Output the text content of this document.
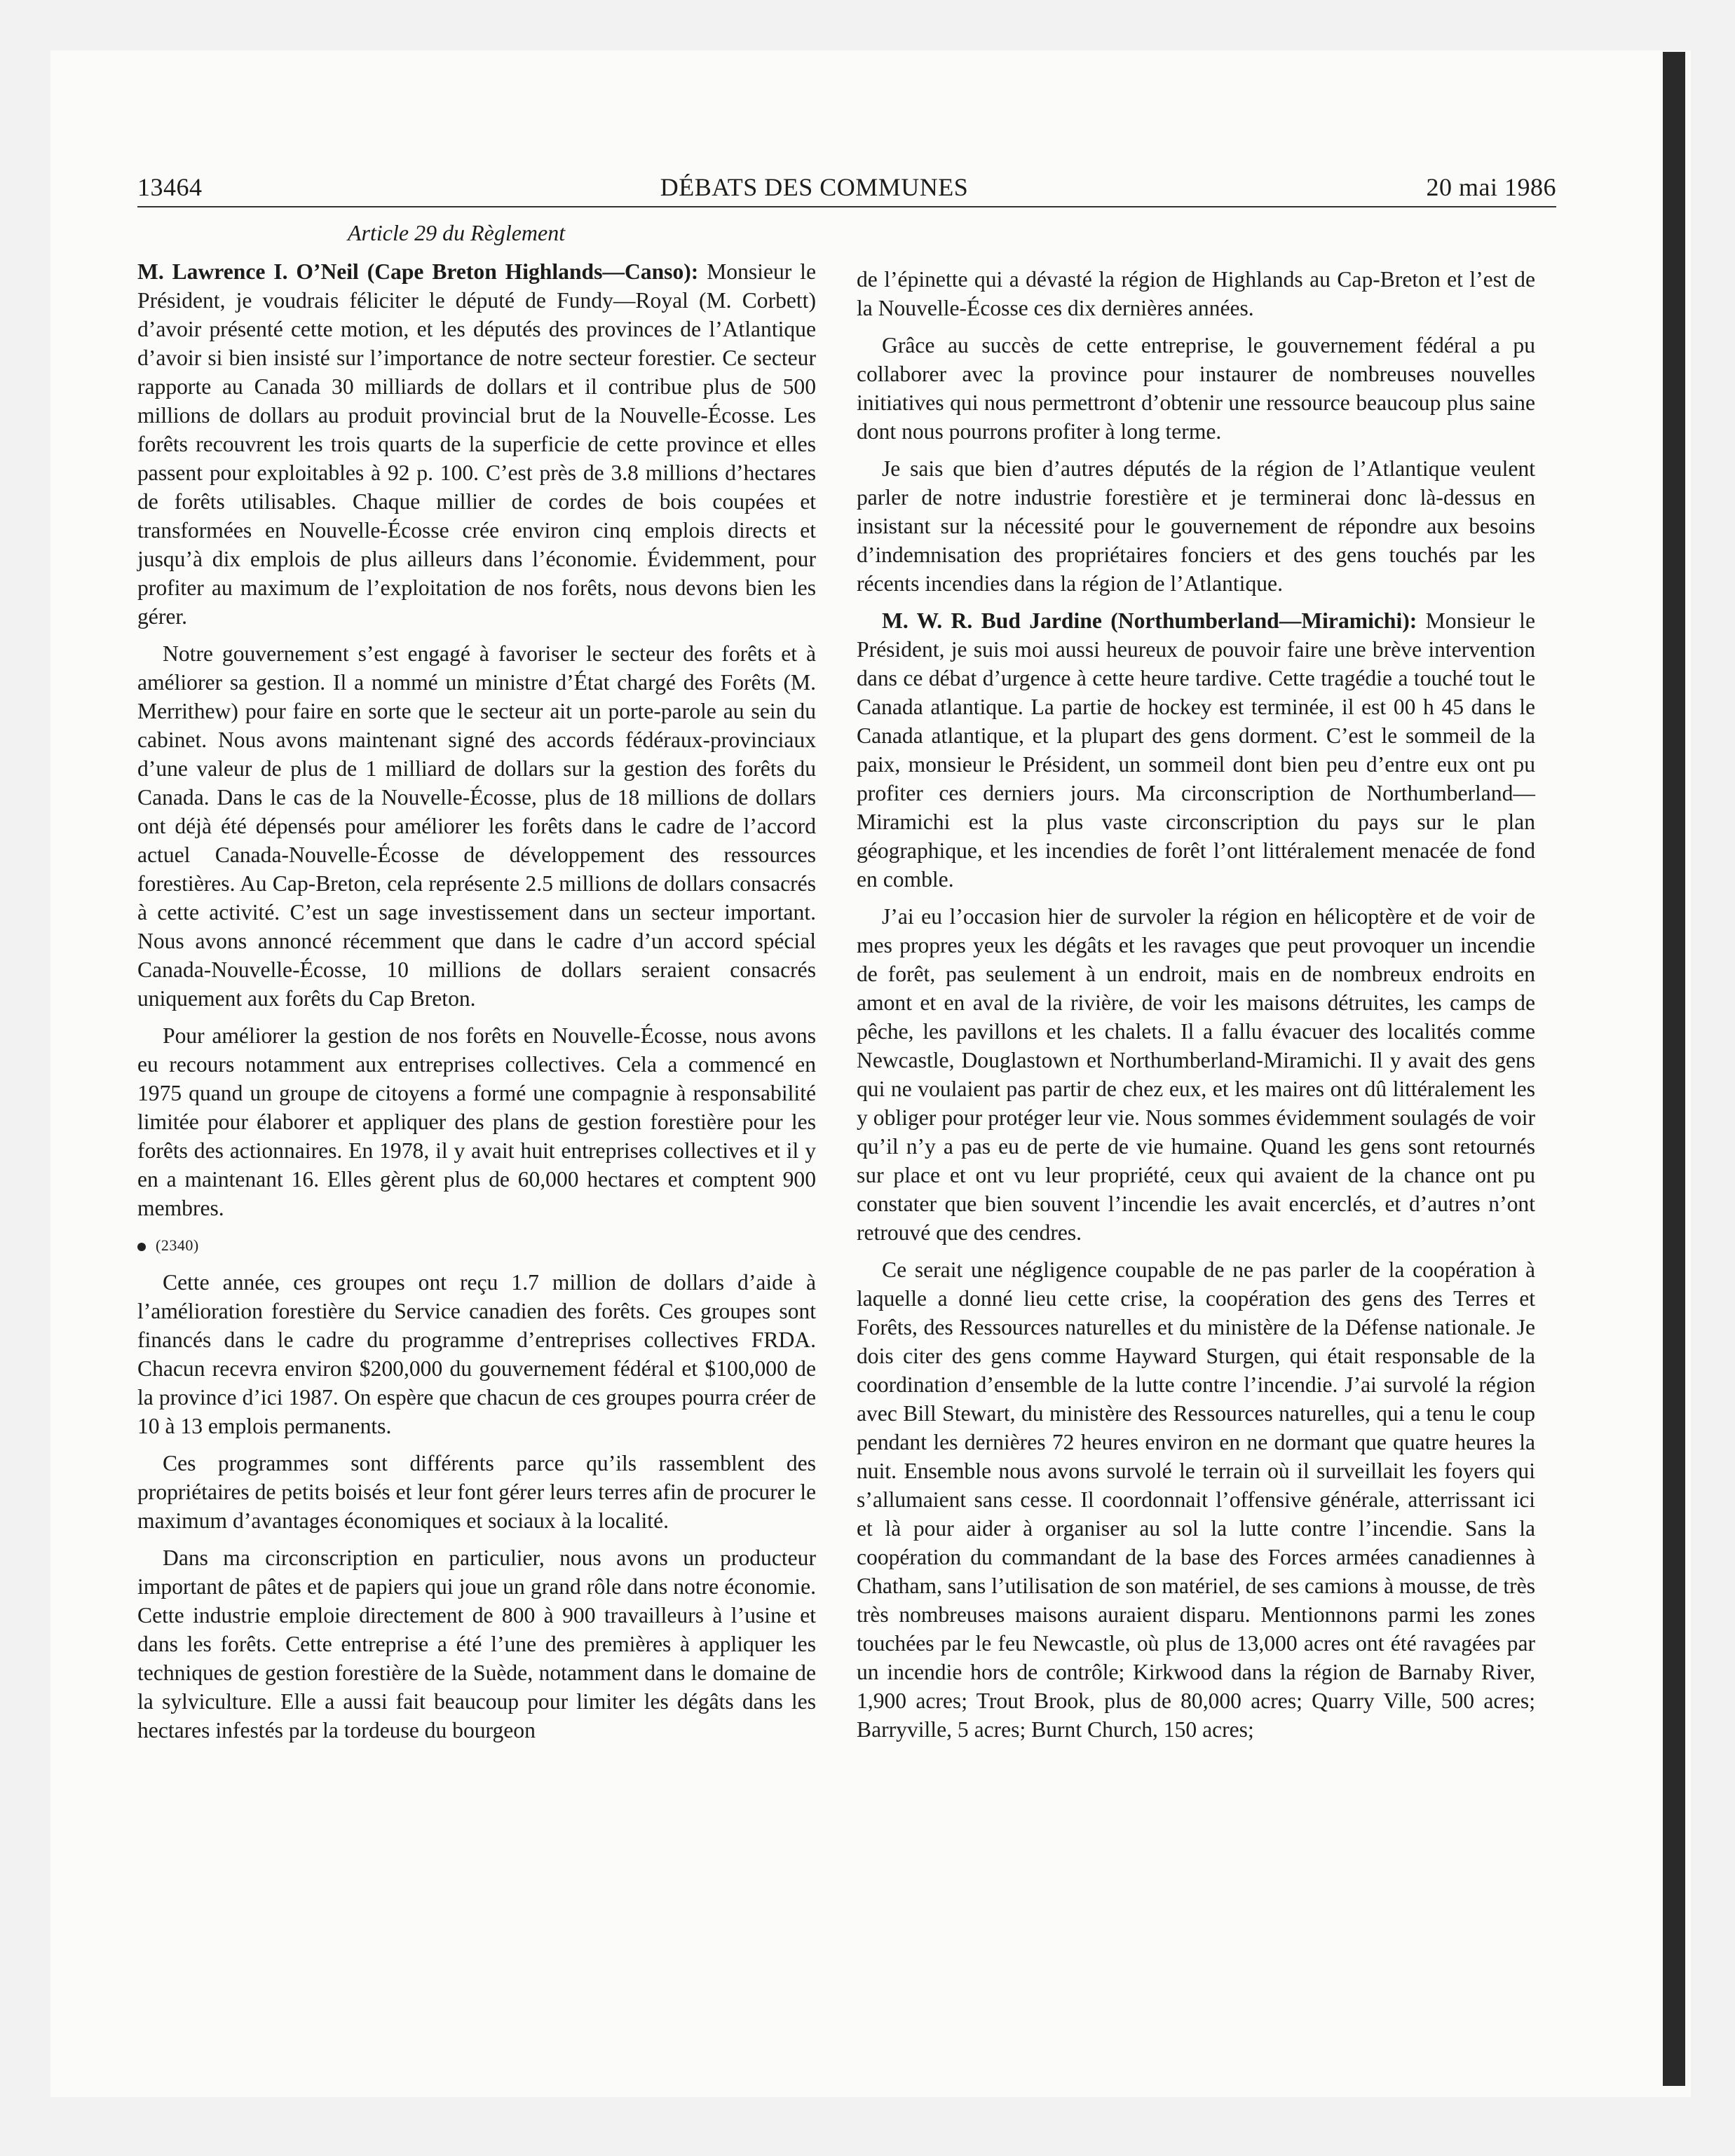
13464	DÉBATS DES COMMUNES	20 mai 1986
Article 29 du Règlement

M. Lawrence I. O’Neil (Cape Breton Highlands—Canso): Monsieur le Président, je voudrais féliciter le député de Fundy—Royal (M. Corbett) d’avoir présenté cette motion, et les députés des provinces de l’Atlantique d’avoir si bien insisté sur l’importance de notre secteur forestier. Ce secteur rapporte au Canada 30 milliards de dollars et il contribue plus de 500 millions de dollars au produit provincial brut de la Nouvelle-Écosse. Les forêts recouvrent les trois quarts de la superficie de cette province et elles passent pour exploitables à 92 p. 100. C’est près de 3.8 millions d’hectares de forêts utilisables. Chaque millier de cordes de bois coupées et transformées en Nouvelle-Écosse crée environ cinq emplois directs et jusqu’à dix emplois de plus ailleurs dans l’économie. Évidemment, pour profiter au maximum de l’exploitation de nos forêts, nous devons bien les gérer.

Notre gouvernement s’est engagé à favoriser le secteur des forêts et à améliorer sa gestion. Il a nommé un ministre d’État chargé des Forêts (M. Merrithew) pour faire en sorte que le secteur ait un porte-parole au sein du cabinet. Nous avons maintenant signé des accords fédéraux-provinciaux d’une valeur de plus de 1 milliard de dollars sur la gestion des forêts du Canada. Dans le cas de la Nouvelle-Écosse, plus de 18 millions de dollars ont déjà été dépensés pour améliorer les forêts dans le cadre de l’accord actuel Canada-Nouvelle-Écosse de développement des ressources forestières. Au Cap-Breton, cela représente 2.5 millions de dollars consacrés à cette activité. C’est un sage investissement dans un secteur important. Nous avons annoncé récemment que dans le cadre d’un accord spécial Canada-Nouvelle-Écosse, 10 millions de dollars seraient consacrés uniquement aux forêts du Cap Breton.

Pour améliorer la gestion de nos forêts en Nouvelle-Écosse, nous avons eu recours notamment aux entreprises collectives. Cela a commencé en 1975 quand un groupe de citoyens a formé une compagnie à responsabilité limitée pour élaborer et appliquer des plans de gestion forestière pour les forêts des actionnaires. En 1978, il y avait huit entreprises collectives et il y en a maintenant 16. Elles gèrent plus de 60,000 hectares et comptent 900 membres.

(2340)

Cette année, ces groupes ont reçu 1.7 million de dollars d’aide à l’amélioration forestière du Service canadien des forêts. Ces groupes sont financés dans le cadre du programme d’entreprises collectives FRDA. Chacun recevra environ $200,000 du gouvernement fédéral et $100,000 de la province d’ici 1987. On espère que chacun de ces groupes pourra créer de 10 à 13 emplois permanents.

Ces programmes sont différents parce qu’ils rassemblent des propriétaires de petits boisés et leur font gérer leurs terres afin de procurer le maximum d’avantages économiques et sociaux à la localité.

Dans ma circonscription en particulier, nous avons un producteur important de pâtes et de papiers qui joue un grand rôle dans notre économie. Cette industrie emploie directement de 800 à 900 travailleurs à l’usine et dans les forêts. Cette entreprise a été l’une des premières à appliquer les techniques de gestion forestière de la Suède, notamment dans le domaine de la sylviculture. Elle a aussi fait beaucoup pour limiter les dégâts dans les hectares infestés par la tordeuse du bourgeon

de l’épinette qui a dévasté la région de Highlands au Cap-Breton et l’est de la Nouvelle-Écosse ces dix dernières années.

Grâce au succès de cette entreprise, le gouvernement fédéral a pu collaborer avec la province pour instaurer de nombreuses nouvelles initiatives qui nous permettront d’obtenir une ressource beaucoup plus saine dont nous pourrons profiter à long terme.

Je sais que bien d’autres députés de la région de l’Atlantique veulent parler de notre industrie forestière et je terminerai donc là-dessus en insistant sur la nécessité pour le gouvernement de répondre aux besoins d’indemnisation des propriétaires fonciers et des gens touchés par les récents incendies dans la région de l’Atlantique.

M. W. R. Bud Jardine (Northumberland—Miramichi): Monsieur le Président, je suis moi aussi heureux de pouvoir faire une brève intervention dans ce débat d’urgence à cette heure tardive. Cette tragédie a touché tout le Canada atlantique. La partie de hockey est terminée, il est 00 h 45 dans le Canada atlantique, et la plupart des gens dorment. C’est le sommeil de la paix, monsieur le Président, un sommeil dont bien peu d’entre eux ont pu profiter ces derniers jours. Ma circonscription de Northumberland—Miramichi est la plus vaste circonscription du pays sur le plan géographique, et les incendies de forêt l’ont littéralement menacée de fond en comble.

J’ai eu l’occasion hier de survoler la région en hélicoptère et de voir de mes propres yeux les dégâts et les ravages que peut provoquer un incendie de forêt, pas seulement à un endroit, mais en de nombreux endroits en amont et en aval de la rivière, de voir les maisons détruites, les camps de pêche, les pavillons et les chalets. Il a fallu évacuer des localités comme Newcastle, Douglastown et Northumberland-Miramichi. Il y avait des gens qui ne voulaient pas partir de chez eux, et les maires ont dû littéralement les y obliger pour protéger leur vie. Nous sommes évidemment soulagés de voir qu’il n’y a pas eu de perte de vie humaine. Quand les gens sont retournés sur place et ont vu leur propriété, ceux qui avaient de la chance ont pu constater que bien souvent l’incendie les avait encerclés, et d’autres n’ont retrouvé que des cendres.

Ce serait une négligence coupable de ne pas parler de la coopération à laquelle a donné lieu cette crise, la coopération des gens des Terres et Forêts, des Ressources naturelles et du ministère de la Défense nationale. Je dois citer des gens comme Hayward Sturgen, qui était responsable de la coordination d’ensemble de la lutte contre l’incendie. J’ai survolé la région avec Bill Stewart, du ministère des Ressources naturelles, qui a tenu le coup pendant les dernières 72 heures environ en ne dormant que quatre heures la nuit. Ensemble nous avons survolé le terrain où il surveillait les foyers qui s’allumaient sans cesse. Il coordonnait l’offensive générale, atterrissant ici et là pour aider à organiser au sol la lutte contre l’incendie. Sans la coopération du commandant de la base des Forces armées canadiennes à Chatham, sans l’utilisation de son matériel, de ses camions à mousse, de très très nombreuses maisons auraient disparu. Mentionnons parmi les zones touchées par le feu Newcastle, où plus de 13,000 acres ont été ravagées par un incendie hors de contrôle; Kirkwood dans la région de Barnaby River, 1,900 acres; Trout Brook, plus de 80,000 acres; Quarry Ville, 500 acres; Barryville, 5 acres; Burnt Church, 150 acres;
